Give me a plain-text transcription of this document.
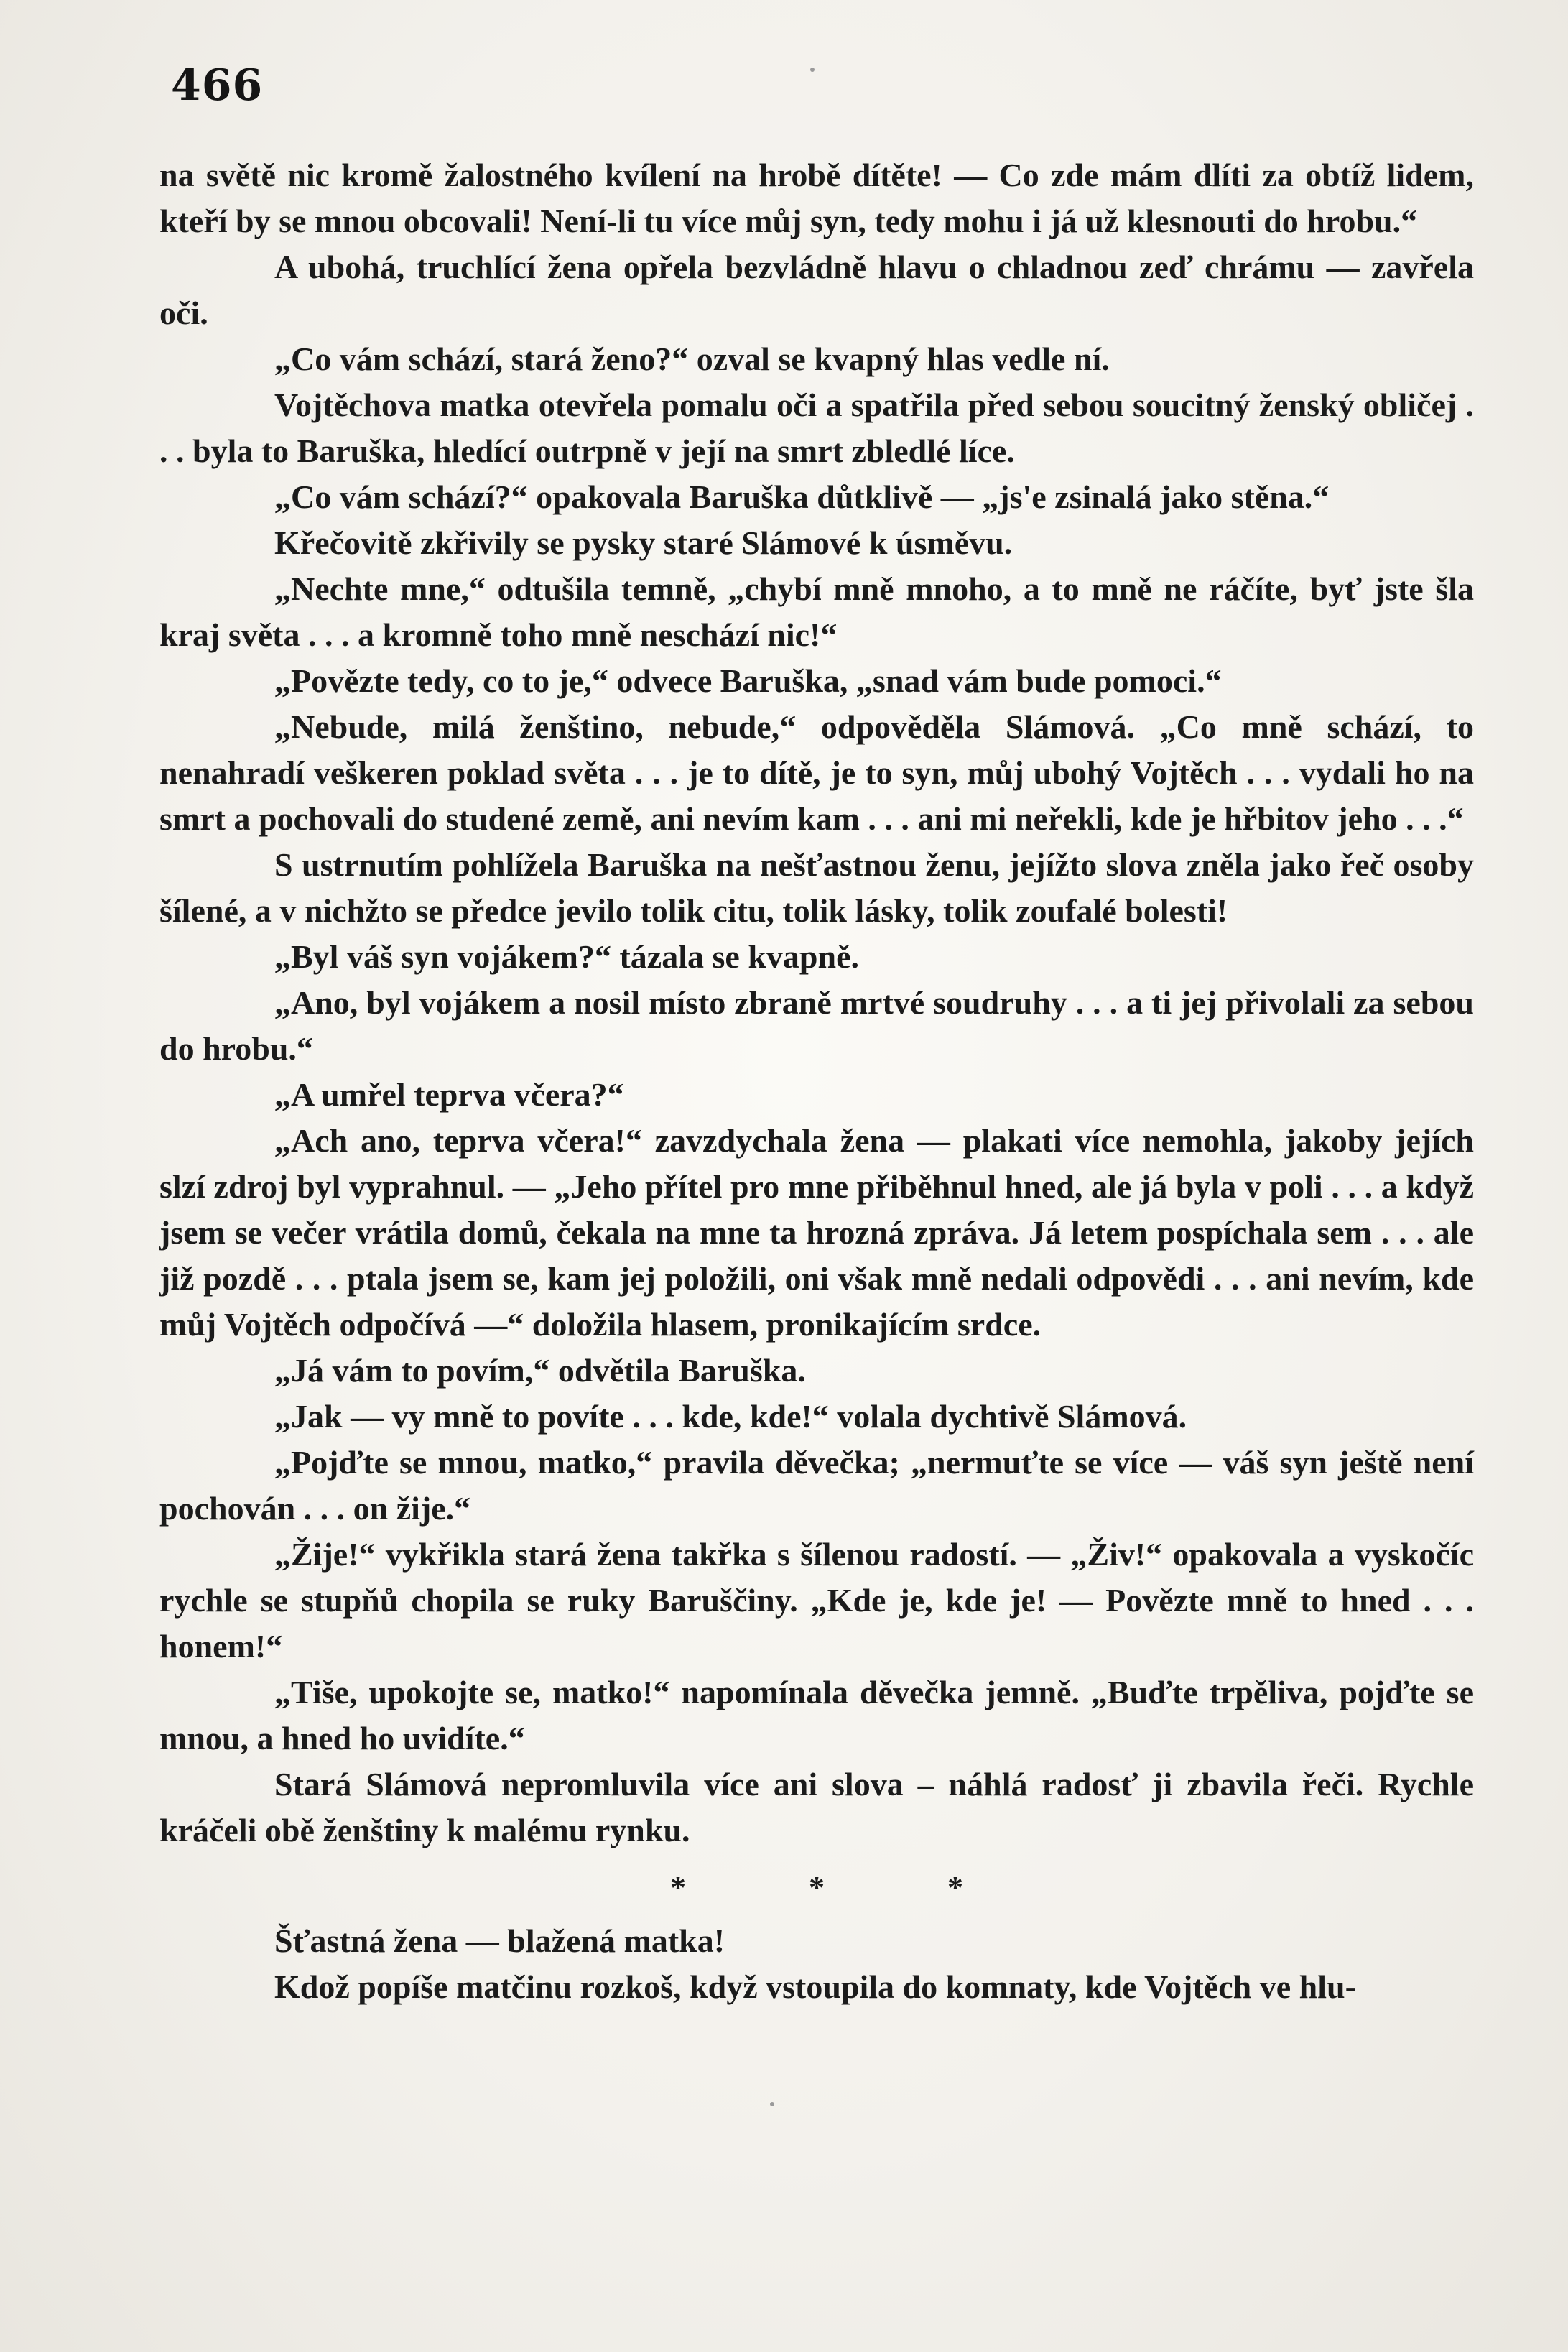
466

na světě nic kromě žalostného kvílení na hrobě dítěte! — Co zde mám dlíti za obtíž lidem, kteří by se mnou obcovali! Není-li tu více můj syn, tedy mohu i já už klesnouti do hrobu.“

A ubohá, truchlící žena opřela bezvládně hlavu o chladnou zeď chrámu — zavřela oči.

„Co vám schází, stará ženo?“ ozval se kvapný hlas vedle ní.

Vojtěchova matka otevřela pomalu oči a spatřila před sebou soucitný ženský obličej . . . byla to Baruška, hledící outrpně v její na smrt zbledlé líce.

„Co vám schází?“ opakovala Baruška důtklivě — „js'e zsinalá jako stěna.“

Křečovitě zkřivily se pysky staré Slámové k úsměvu.

„Nechte mne,“ odtušila temně, „chybí mně mnoho, a to mně ne ráčíte, byť jste šla kraj světa . . . a kromně toho mně neschází nic!“

„Povězte tedy, co to je,“ odvece Baruška, „snad vám bude pomoci.“

„Nebude, milá ženštino, nebude,“ odpověděla Slámová. „Co mně schází, to nenahradí veškeren poklad světa . . . je to dítě, je to syn, můj ubohý Vojtěch . . . vydali ho na smrt a pochovali do studené země, ani nevím kam . . . ani mi neřekli, kde je hřbitov jeho . . .“

S ustrnutím pohlížela Baruška na nešťastnou ženu, jejížto slova zněla jako řeč osoby šílené, a v nichžto se předce jevilo tolik citu, tolik lásky, tolik zoufalé bolesti!

„Byl váš syn vojákem?“ tázala se kvapně.

„Ano, byl vojákem a nosil místo zbraně mrtvé soudruhy . . . a ti jej přivolali za sebou do hrobu.“

„A umřel teprva včera?“

„Ach ano, teprva včera!“ zavzdychala žena — plakati více nemohla, jakoby jejích slzí zdroj byl vyprahnul. — „Jeho přítel pro mne přiběhnul hned, ale já byla v poli . . . a když jsem se večer vrátila domů, čekala na mne ta hrozná zpráva. Já letem pospíchala sem . . . ale již pozdě . . . ptala jsem se, kam jej položili, oni však mně nedali odpovědi . . . ani nevím, kde můj Vojtěch odpočívá —“ doložila hlasem, pronikajícím srdce.

„Já vám to povím,“ odvětila Baruška.

„Jak — vy mně to povíte . . . kde, kde!“ volala dychtivě Slámová.

„Pojďte se mnou, matko,“ pravila děvečka; „nermuťte se více — váš syn ještě není pochován . . . on žije.“

„Žije!“ vykřikla stará žena takřka s šílenou radostí. — „Živ!“ opakovala a vyskočíc rychle se stupňů chopila se ruky Baruščiny. „Kde je, kde je! — Povězte mně to hned . . . honem!“

„Tiše, upokojte se, matko!“ napomínala děvečka jemně. „Buďte trpěliva, pojďte se mnou, a hned ho uvidíte.“

Stará Slámová nepromluvila více ani slova – náhlá radosť ji zbavila řeči. Rychle kráčeli obě ženštiny k malému rynku.

* * *

Šťastná žena — blažená matka!

Kdož popíše matčinu rozkoš, když vstoupila do komnaty, kde Vojtěch ve hlu-
